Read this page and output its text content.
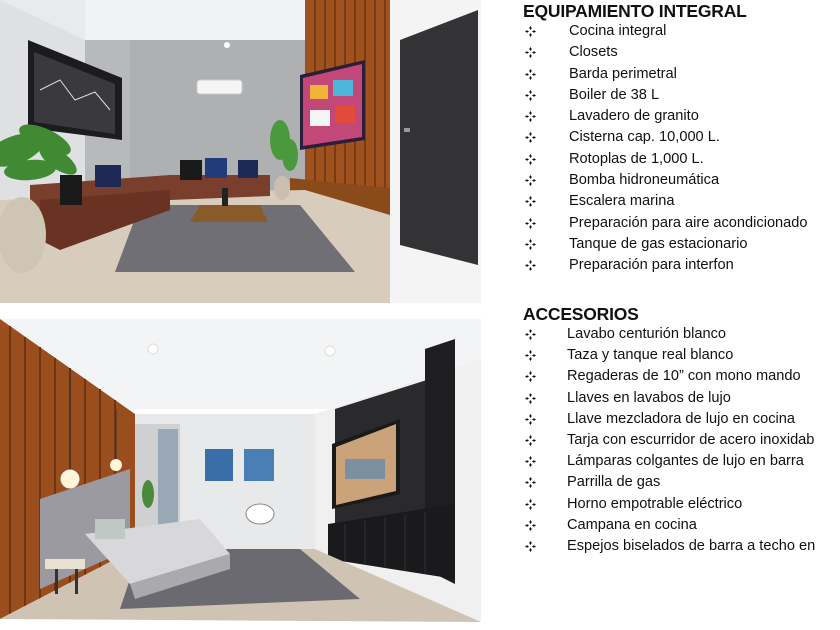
EQUIPAMIENTO INTEGRAL
Cocina integral
Closets
Barda perimetral
Boiler de 38 L
Lavadero de granito
Cisterna cap. 10,000 L.
Rotoplas de 1,000 L.
Bomba hidroneumática
Escalera marina
Preparación para aire acondicionado
Tanque de gas estacionario
Preparación para interfon
ACCESORIOS
Lavabo centurión blanco
Taza y tanque real blanco
Regaderas de 10” con mono mando
Llaves en lavabos de lujo
Llave mezcladora de lujo en cocina
Tarja con escurridor de acero inoxidab
Lámparas colgantes de lujo en barra
Parrilla de gas
Horno empotrable eléctrico
Campana en cocina
Espejos biselados de barra a techo en
